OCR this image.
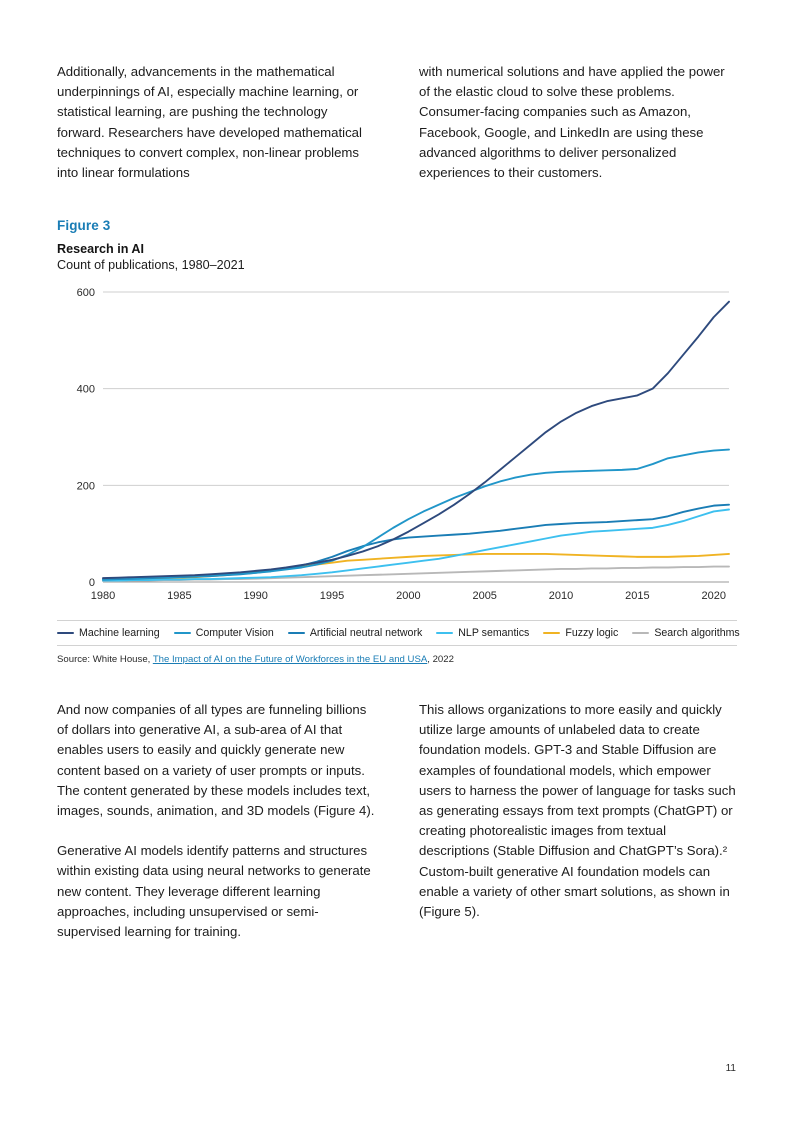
Additionally, advancements in the mathematical underpinnings of AI, especially machine learning, or statistical learning, are pushing the technology forward. Researchers have developed mathematical techniques to convert complex, non-linear problems into linear formulations

with numerical solutions and have applied the power of the elastic cloud to solve these problems. Consumer-facing companies such as Amazon, Facebook, Google, and LinkedIn are using these advanced algorithms to deliver personalized experiences to their customers.

Figure 3
Research in AI
Count of publications, 1980–2021
0
200
400
600
1980	1985	1990	1995	2000	2005	2010	2015	2020
Machine learning	Computer Vision	Artificial neutral network	NLP semantics	Fuzzy logic	Search algorithms
Source: White House, The Impact of AI on the Future of Workforces in the EU and USA, 2022

And now companies of all types are funneling billions of dollars into generative AI, a sub-area of AI that enables users to easily and quickly generate new content based on a variety of user prompts or inputs. The content generated by these models includes text, images, sounds, animation, and 3D models (Figure 4).

Generative AI models identify patterns and structures within existing data using neural networks to generate new content. They leverage different learning approaches, including unsupervised or semi-supervised learning for training.

This allows organizations to more easily and quickly utilize large amounts of unlabeled data to create foundation models. GPT-3 and Stable Diffusion are examples of foundational models, which empower users to harness the power of language for tasks such as generating essays from text prompts (ChatGPT) or creating photorealistic images from textual descriptions (Stable Diffusion and ChatGPT’s Sora).² Custom-built generative AI foundation models can enable a variety of other smart solutions, as shown in (Figure 5).

11
